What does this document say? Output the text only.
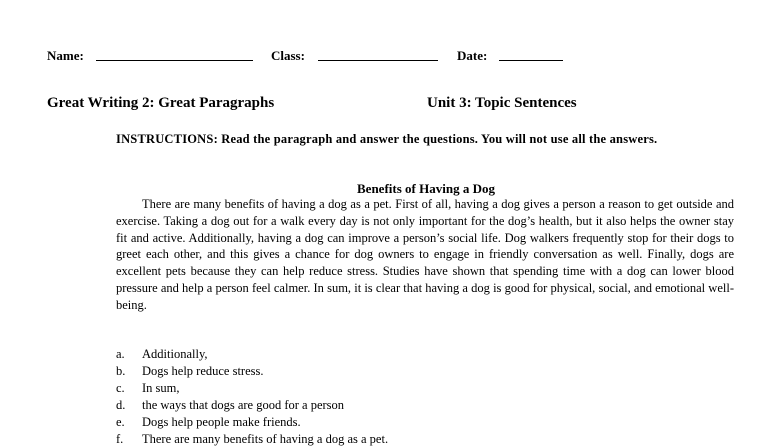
Name:	Class:	Date:
Great Writing 2: Great Paragraphs	Unit 3: Topic Sentences
INSTRUCTIONS: Read the paragraph and answer the questions. You will not use all the answers.
Benefits of Having a Dog
There are many benefits of having a dog as a pet. First of all, having a dog gives a person a reason to get outside and exercise. Taking a dog out for a walk every day is not only important for the dog’s health, but it also helps the owner stay fit and active. Additionally, having a dog can improve a person’s social life. Dog walkers frequently stop for their dogs to greet each other, and this gives a chance for dog owners to engage in friendly conversation as well. Finally, dogs are excellent pets because they can help reduce stress. Studies have shown that spending time with a dog can lower blood pressure and help a person feel calmer. In sum, it is clear that having a dog is good for physical, social, and emotional well-being.
a. Additionally,
b. Dogs help reduce stress.
c. In sum,
d. the ways that dogs are good for a person
e. Dogs help people make friends.
f. There are many benefits of having a dog as a pet.
